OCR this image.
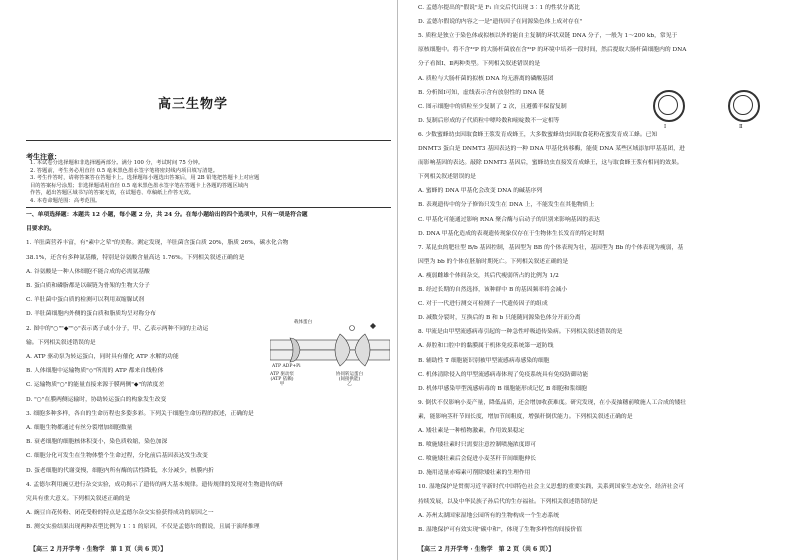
高三生物学
考生注意：
1. 本试卷分选择题和非选择题两部分。满分 100 分，考试时间 75 分钟。
2. 答题前，考生务必用直径 0.5 毫米黑色墨水签字笔将密封线内项目填写清楚。
3. 考生作答时，请将答案答在答题卡上。选择题每小题选出答案后，用 2B 铅笔把答题卡上对应题
目的答案标号涂黑；非选择题请用直径 0.5 毫米黑色墨水签字笔在答题卡上各题的答题区域内
作答，超出答题区域书写的答案无效，在试题卷、草稿纸上作答无效。
4. 本卷命题范围：高考范围。
一、单项选择题：本题共 12 小题，每小题 2 分，共 24 分。在每小题给出的四个选项中，只有一项是符合题
目要求的。
1. 羊肚菌营养丰富，有"素中之荤"的美称。测定发现，羊肚菌含蛋白质 20%，脂质 26%，碳水化合物
38.1%，还含有多种氨基酸，特别是谷氨酸含量高达 1.76%。下列相关叙述正确的是
A. 谷氨酸是一种人体细胞不能合成的必需氨基酸
B. 蛋白质和磷脂都是以碳链为骨架的生物大分子
C. 羊肚菌中蛋白质的检测可以利用双缩脲试剂
D. 羊肚菌细胞内外侧的蛋白质和脂质均呈对称分布
2. 图中的"○""◆""◇"表示离子或小分子，甲、乙表示两种不同的主动运
输。下列相关叙述错误的是
A. ATP 驱动泵为转运蛋白，同时具有催化 ATP 水解的功能
B. 人体细胞中运输物质"◇"所需的 ATP 都来自线粒体
C. 运输物质"○"的能量直接来源于膜两侧"◆"的浓度差
D. "○"在膜两侧运输时，协助转运蛋白的构象发生改变
3. 细胞多种多样，各自的生命历程也多姿多彩。下列关于细胞生命历程的叙述，正确的是
A. 细胞生物都通过有丝分裂增加细胞数量
B. 衰老细胞的细胞核体积变小，染色质收缩，染色加深
C. 细胞分化可发生在生物体整个生命过程，分化前后基因表达发生改变
D. 蛋老细胞的代谢变慢，细胞内所有酶的活性降低，水分减少，核膜内折
4. 孟德尔利用豌豆进行杂交实验，成功揭示了遗传的两大基本规律。遗传规律的发现对生物遗传的研
究具有重大意义。下列相关叙述正确的是
A. 豌豆自花传粉、闭花受粉的特点是孟德尔杂交实验获得成功的原因之一
B. 测交实验结果出现两种表型比例为 1∶1 的原因，不仅是孟德尔的假说，且属于演绎推理
载体蛋白
ATP ADP+Pi
ATP 驱动泵
(ATP 依赖)
甲
协同转运蛋白
(间接供能)
乙
【高三 2 月开学考 · 生物学　第 1 页（共 6 页）】
C. 孟德尔提出的"假说"是 F₁ 自交后代出现 3∶1 的性状分离比
D. 孟德尔假说的内容之一是"遗传因子在同源染色体上成对存在"
5. 质粒是独立于染色体或拟核以外的能自主复制的环状双链 DNA 分子，一般为 1～200 kb，常见于
原核细胞中。将不含³²P 的大肠杆菌放在含³²P 的环境中培养一段时间，然后提取大肠杆菌细胞内的 DNA
分子看图Ⅰ、Ⅱ两种类型。下列相关叙述错误的是
A. 质粒与大肠杆菌的拟核 DNA 均无游离的磷酸基团
B. 分析图Ⅰ可知，虚线表示含有放射性的 DNA 链
C. 图示细胞中的质粒至少复制了 2 次，且遵循半保留复制
D. 复制后形成的子代质粒中嘌呤数和嘧啶数不一定相等
6. 少数蜜蜂幼虫因取食蜂王浆发育成蜂王，大多数蜜蜂幼虫因取食花粉花蜜发育成工蜂。已知
DNMT3 蛋白是 DNMT3 基因表达的一种 DNA 甲基化转移酶，能使 DNA 某些区域添加甲基基团，进
而影响基因的表达。敲除 DNMT3 基因后，蜜蜂幼虫直接发育成蜂王，这与取食蜂王浆有相同的效果。
下列相关叙述错误的是
A. 蜜蜂的 DNA 甲基化会改变 DNA 的碱基序列
B. 表观遗传中的分子修饰只发生在 DNA 上，不能发生在其他物质上
C. 甲基化可能通过影响 RNA 聚合酶与启动子的识别来影响基因的表达
D. DNA 甲基化造成的表观遗传现象仅存在于生物体生长发育的特定时期
7. 某昆虫的肥壮型 B/b 基因控制，基因型为 BB 的个体表现为壮，基因型为 Bb 的个体表现为瘦弱，基
因型为 bb 的个体在胚胎时期死亡。下列相关叙述正确的是
A. 瘦弱雌雄个体间杂交，其后代瘦弱所占的比例为 1/2
B. 经过长期的自然选择，该种群中 B 的基因频率将会减小
C. 对于一代进行测交可检测子一代遗传因子的组成
D. 减数分裂时，互换后的 B 和 b 只能随同源染色体分开而分离
8. 甲流是由甲型流感病毒引起的一种急性呼吸道传染病。下列相关叙述错误的是
A. 鼻腔和口腔中的黏膜属于机体免疫系统第一道防线
B. 辅助性 T 细胞能识别被甲型流感病毒感染的细胞
C. 机体清除侵入的甲型流感病毒体现了免疫系统具有免疫防御功能
D. 机体甲感染甲型流感病毒的 B 细胞能形成记忆 B 细胞和浆细胞
9. 倒伏不仅影响小麦产量，降低品质，还会增加收获难度。研究发现，在小麦抽穗前喷施人工合成的矮壮
素，能影响茎秆节间长度，增加节间粗度，增强秆倒伏能力。下列相关叙述正确的是
A. 矮壮素是一种植物激素，作用效果稳定
B. 喷施矮壮素时只需要注意控制喷施浓度即可
C. 喷施矮壮素后会促进小麦茎秆节间细胞伸长
D. 施用适量赤霉素可削除矮壮素的生理作用
10. 湿地保护是贯彻习近平新时代中国特色社会主义思想的重要实践，关系到国家生态安全、经济社会可
持续发展，以及中华民族子孙后代的生存福祉。下列相关叙述错误的是
A. 苏州太湖国家湿地公园所有的生物构成一个生态系统
B. 湿地保护可有效实现"碳中和"，体现了生物多样性的间接价值
Ⅰ	Ⅱ
【高三 2 月开学考 · 生物学　第 2 页（共 6 页）】
